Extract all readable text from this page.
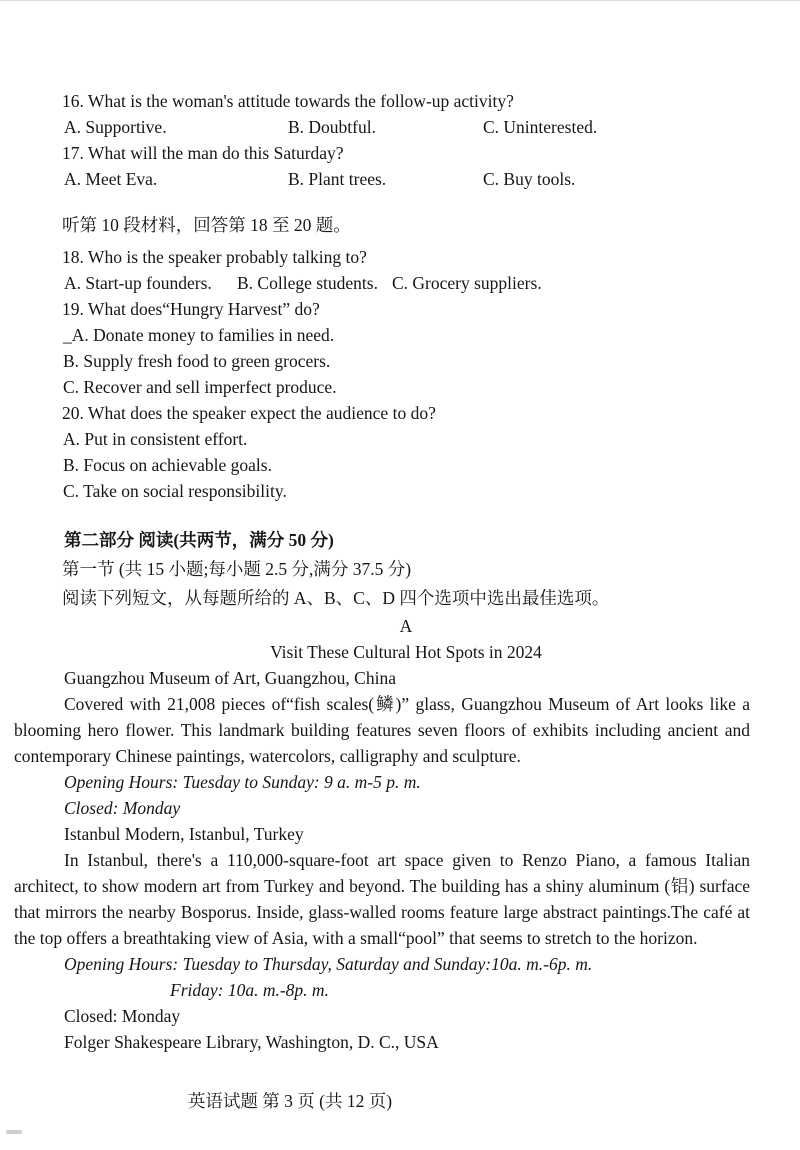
16. What is the woman's attitude towards the follow-up activity?

A. Supportive.	B. Doubtful.	C. Uninterested.

17. What will the man do this Saturday?

A. Meet Eva.	B. Plant trees.	C. Buy tools.

听第 10 段材料，回答第 18 至 20 题。

18. Who is the speaker probably talking to?

A. Start-up founders. B. College students. C. Grocery suppliers.

19. What does“Hungry Harvest” do?

_A. Donate money to families in need.

B. Supply fresh food to green grocers.

C. Recover and sell imperfect produce.

20. What does the speaker expect the audience to do?

A. Put in consistent effort.

B. Focus on achievable goals.

C. Take on social responsibility.

第二部分 阅读(共两节，满分 50 分)

第一节 (共 15 小题;每小题 2.5 分,满分 37.5 分)

阅读下列短文，从每题所给的 A、B、C、D 四个选项中选出最佳选项。

A

Visit These Cultural Hot Spots in 2024

Guangzhou Museum of Art, Guangzhou, China

Covered with 21,008 pieces of“fish scales(鳞)” glass, Guangzhou Museum of Art looks like a blooming hero flower. This landmark building features seven floors of exhibits including ancient and contemporary Chinese paintings, watercolors, calligraphy and sculpture.

Opening Hours: Tuesday to Sunday: 9 a. m-5 p. m.

Closed: Monday

Istanbul Modern, Istanbul, Turkey

In Istanbul, there's a 110,000-square-foot art space given to Renzo Piano, a famous Italian architect, to show modern art from Turkey and beyond. The building has a shiny aluminum (铝) surface that mirrors the nearby Bosporus. Inside, glass-walled rooms feature large abstract paintings.The café at the top offers a breathtaking view of Asia, with a small“pool” that seems to stretch to the horizon.

Opening Hours: Tuesday to Thursday, Saturday and Sunday:10a. m.-6p. m.

Friday: 10a. m.-8p. m.

Closed: Monday

Folger Shakespeare Library, Washington, D. C., USA

英语试题 第 3 页 (共 12 页)
